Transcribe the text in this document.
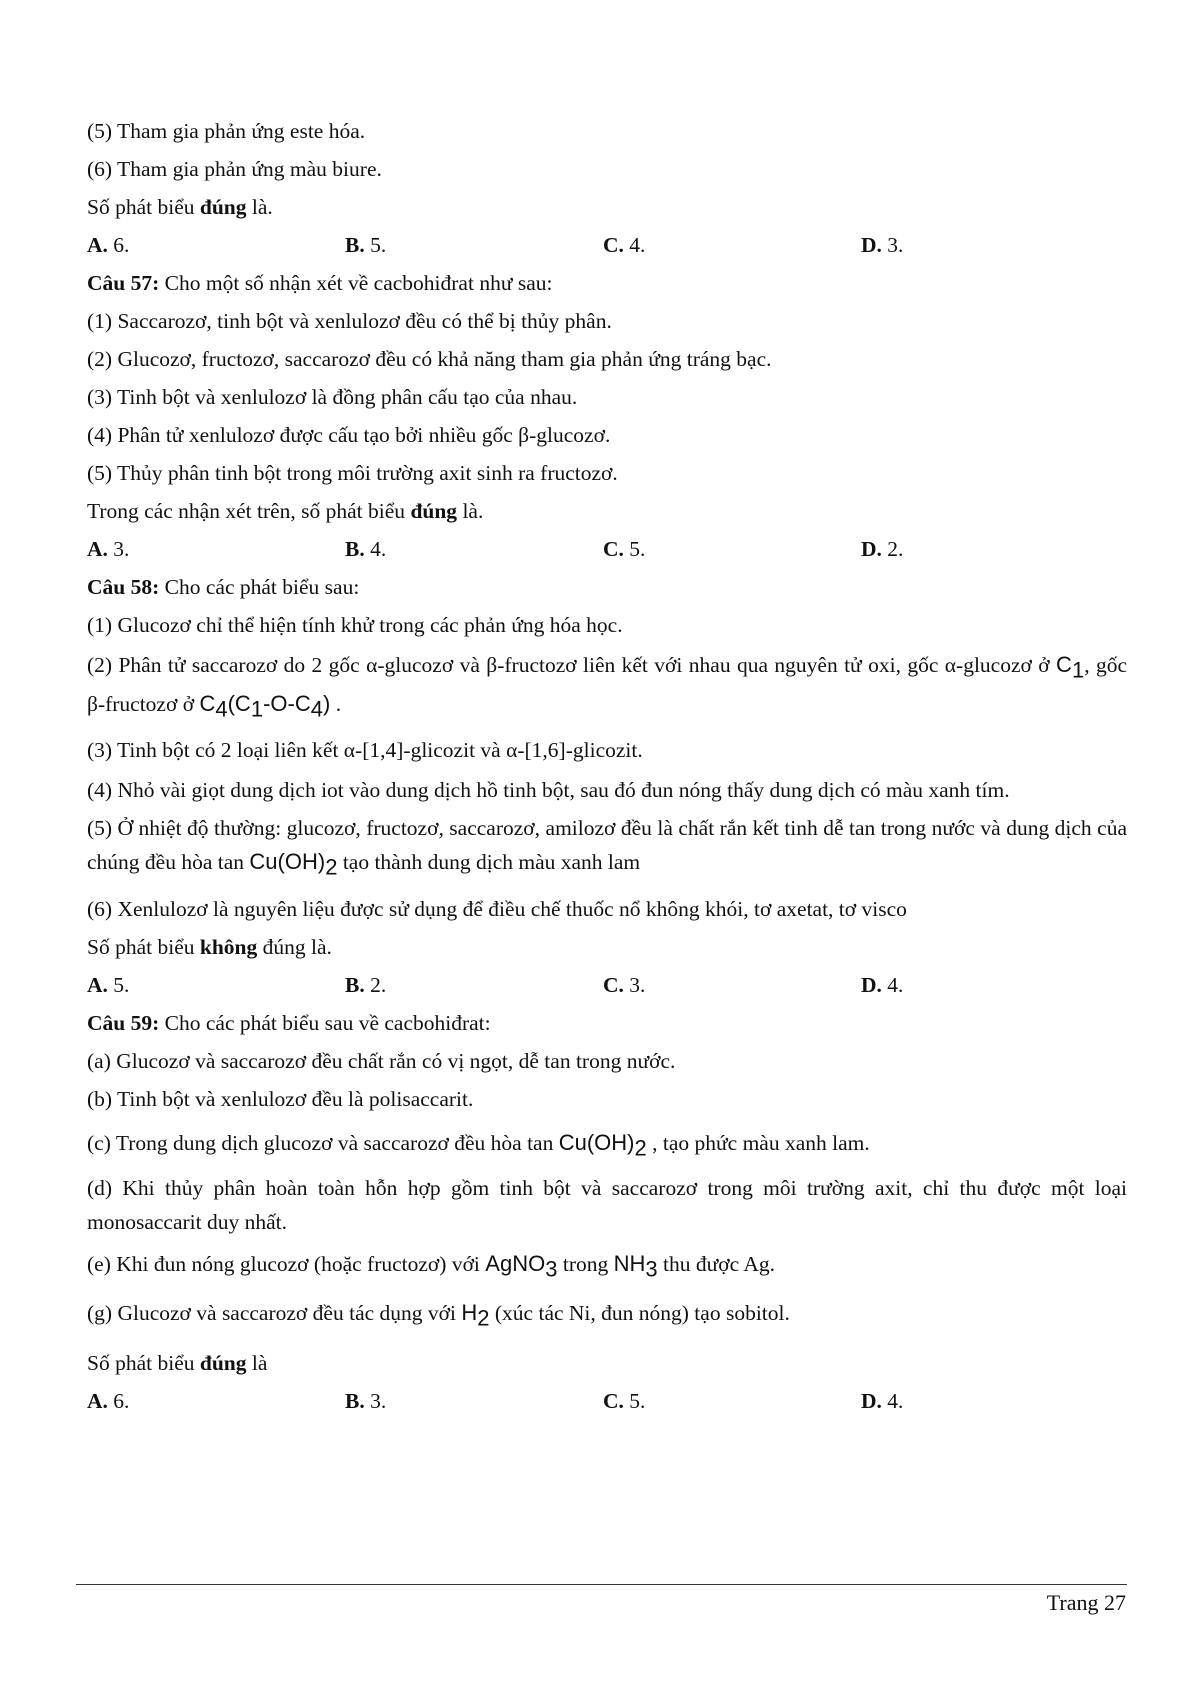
(5) Tham gia phản ứng este hóa.
(6) Tham gia phản ứng màu biure.
Số phát biểu đúng là.
A. 6.	B. 5.	C. 4.	D. 3.
Câu 57: Cho một số nhận xét về cacbohiđrat như sau:
(1) Saccarozơ, tinh bột và xenlulozơ đều có thể bị thủy phân.
(2) Glucozơ, fructozơ, saccarozơ đều có khả năng tham gia phản ứng tráng bạc.
(3) Tinh bột và xenlulozơ là đồng phân cấu tạo của nhau.
(4) Phân tử xenlulozơ được cấu tạo bởi nhiều gốc β-glucozơ.
(5) Thủy phân tinh bột trong môi trường axit sinh ra fructozơ.
Trong các nhận xét trên, số phát biểu đúng là.
A. 3.	B. 4.	C. 5.	D. 2.
Câu 58: Cho các phát biểu sau:
(1) Glucozơ chỉ thể hiện tính khử trong các phản ứng hóa học.
(2) Phân tử saccarozơ do 2 gốc α-glucozơ và β-fructozơ liên kết với nhau qua nguyên tử oxi, gốc α-glucozơ ở $C_1$, gốc β-fructozơ ở $C_4(C_1-O-C_4)$ .
(3) Tinh bột có 2 loại liên kết α-[1,4]-glicozit và α-[1,6]-glicozit.
(4) Nhỏ vài giọt dung dịch iot vào dung dịch hồ tinh bột, sau đó đun nóng thấy dung dịch có màu xanh tím.
(5) Ở nhiệt độ thường: glucozơ, fructozơ, saccarozơ, amilozơ đều là chất rắn kết tinh dễ tan trong nước và dung dịch của chúng đều hòa $\tan Cu(OH)_2$ tạo thành dung dịch màu xanh lam
(6) Xenlulozơ là nguyên liệu được sử dụng để điều chế thuốc nổ không khói, tơ axetat, tơ visco
Số phát biểu không đúng là.
A. 5.	B. 2.	C. 3.	D. 4.
Câu 59: Cho các phát biểu sau về cacbohiđrat:
(a) Glucozơ và saccarozơ đều chất rắn có vị ngọt, dễ tan trong nước.
(b) Tinh bột và xenlulozơ đều là polisaccarit.
(c) Trong dung dịch glucozơ và saccarozơ đều hòa $\tan Cu(OH)_2$ , tạo phức màu xanh lam.
(d) Khi thủy phân hoàn toàn hỗn hợp gồm tinh bột và saccarozơ trong môi trường axit, chỉ thu được một loại monosaccarit duy nhất.
(e) Khi đun nóng glucozơ (hoặc fructozơ) với AgNO$_3$ trong $NH_3$ thu được Ag.
(g) Glucozơ và saccarozơ đều tác dụng với $H_2$ (xúc tác Ni, đun nóng) tạo sobitol.
Số phát biểu đúng là
A. 6.	B. 3.	C. 5.	D. 4.
Trang 27
